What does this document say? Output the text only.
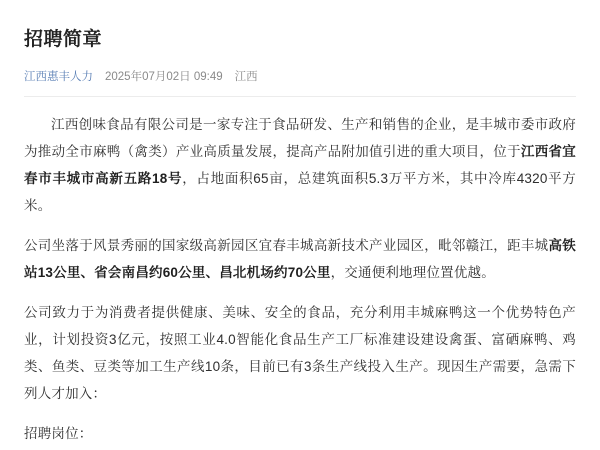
招聘简章
江西惠丰人力 2025年07月02日 09:49 江西

江西创味食品有限公司是一家专注于食品研发、生产和销售的企业，是丰城市委市政府为推动全市麻鸭（禽类）产业高质量发展，提高产品附加值引进的重大项目，位于江西省宜春市丰城市高新五路18号，占地面积65亩，总建筑面积5.3万平方米，其中冷库4320平方米。

公司坐落于风景秀丽的国家级高新园区宜春丰城高新技术产业园区，毗邻赣江，距丰城高铁站13公里、省会南昌约60公里、昌北机场约70公里，交通便利地理位置优越。

公司致力于为消费者提供健康、美味、安全的食品，充分利用丰城麻鸭这一个优势特色产业，计划投资3亿元，按照工业4.0智能化食品生产工厂标准建设建设禽蛋、富硒麻鸭、鸡类、鱼类、豆类等加工生产线10条，目前已有3条生产线投入生产。现因生产需要，急需下列人才加入：

招聘岗位：
